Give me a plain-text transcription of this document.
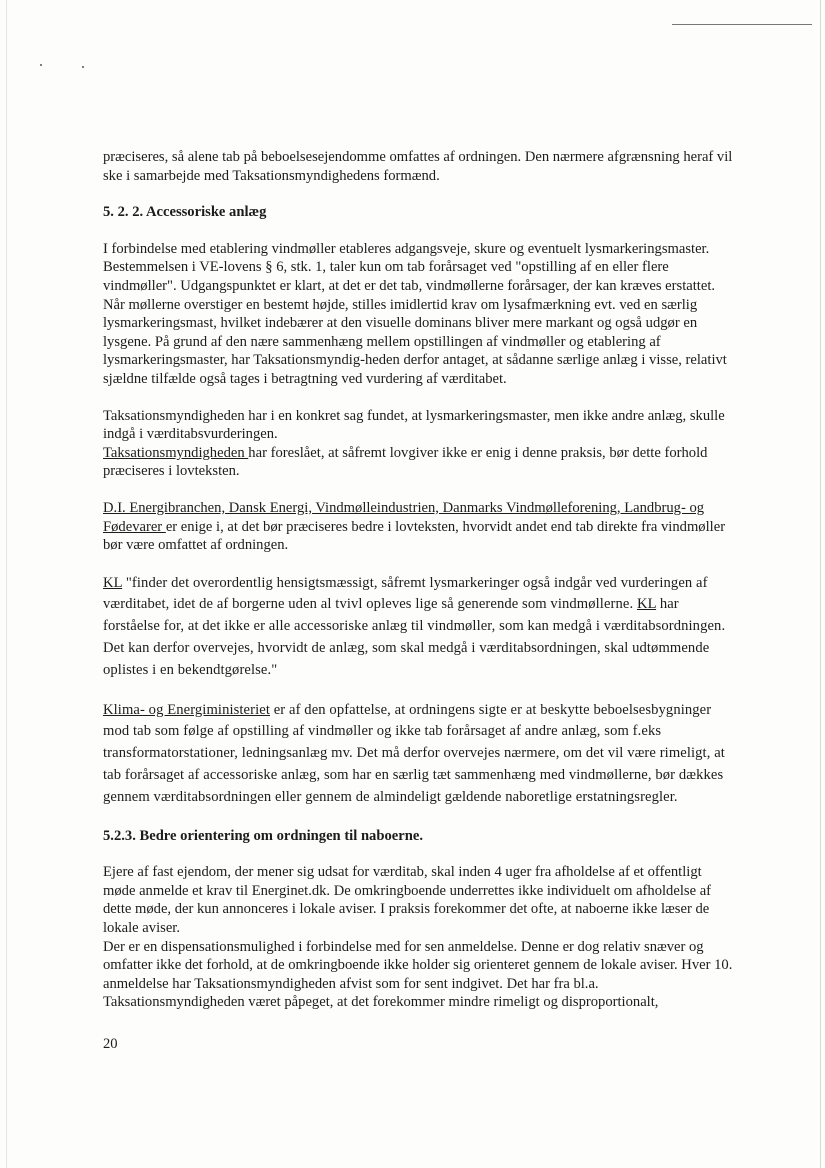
præciseres, så alene tab på beboelsesejendomme omfattes af ordningen. Den nærmere afgrænsning heraf vil ske i samarbejde med Taksationsmyndighedens formænd.

5. 2. 2. Accessoriske anlæg

I forbindelse med etablering vindmøller etableres adgangsveje, skure og eventuelt lysmarkeringsmaster. Bestemmelsen i VE-lovens § 6, stk. 1, taler kun om tab forårsaget ved "opstilling af en eller flere vindmøller". Udgangspunktet er klart, at det er det tab, vindmøllerne forårsager, der kan kræves erstattet. Når møllerne overstiger en bestemt højde, stilles imidlertid krav om lysafmærkning evt. ved en særlig lysmarkeringsmast, hvilket indebærer at den visuelle dominans bliver mere markant og også udgør en lysgene. På grund af den nære sammenhæng mellem opstillingen af vindmøller og etablering af lysmarkeringsmaster, har Taksationsmyndig-heden derfor antaget, at sådanne særlige anlæg i visse, relativt sjældne tilfælde også tages i betragtning ved vurdering af værditabet.

Taksationsmyndigheden har i en konkret sag fundet, at lysmarkeringsmaster, men ikke andre anlæg, skulle indgå i værditabsvurderingen.

Taksationsmyndigheden har foreslået, at såfremt lovgiver ikke er enig i denne praksis, bør dette forhold præciseres i lovteksten.

D.I. Energibranchen, Dansk Energi, Vindmølleindustrien, Danmarks Vindmølleforening, Landbrug- og Fødevarer er enige i, at det bør præciseres bedre i lovteksten, hvorvidt andet end tab direkte fra vindmøller bør være omfattet af ordningen.

KL "finder det overordentlig hensigtsmæssigt, såfremt lysmarkeringer også indgår ved vurderingen af værditabet, idet de af borgerne uden al tvivl opleves lige så generende som vindmøllerne. KL har forståelse for, at det ikke er alle accessoriske anlæg til vindmøller, som kan medgå i værditabsordningen. Det kan derfor overvejes, hvorvidt de anlæg, som skal medgå i værditabsordningen, skal udtømmende oplistes i en bekendtgørelse."

Klima- og Energiministeriet er af den opfattelse, at ordningens sigte er at beskytte beboelsesbygninger mod tab som følge af opstilling af vindmøller og ikke tab forårsaget af andre anlæg, som f.eks transformatorstationer, ledningsanlæg mv. Det må derfor overvejes nærmere, om det vil være rimeligt, at tab forårsaget af accessoriske anlæg, som har en særlig tæt sammenhæng med vindmøllerne, bør dækkes gennem værditabsordningen eller gennem de almindeligt gældende naboretlige erstatningsregler.

5.2.3. Bedre orientering om ordningen til naboerne.

Ejere af fast ejendom, der mener sig udsat for værditab, skal inden 4 uger fra afholdelse af et offentligt møde anmelde et krav til Energinet.dk. De omkringboende underrettes ikke individuelt om afholdelse af dette møde, der kun annonceres i lokale aviser. I praksis forekommer det ofte, at naboerne ikke læser de lokale aviser.

Der er en dispensationsmulighed i forbindelse med for sen anmeldelse. Denne er dog relativ snæver og omfatter ikke det forhold, at de omkringboende ikke holder sig orienteret gennem de lokale aviser. Hver 10. anmeldelse har Taksationsmyndigheden afvist som for sent indgivet. Det har fra bl.a. Taksationsmyndigheden været påpeget, at det forekommer mindre rimeligt og disproportionalt,

20
